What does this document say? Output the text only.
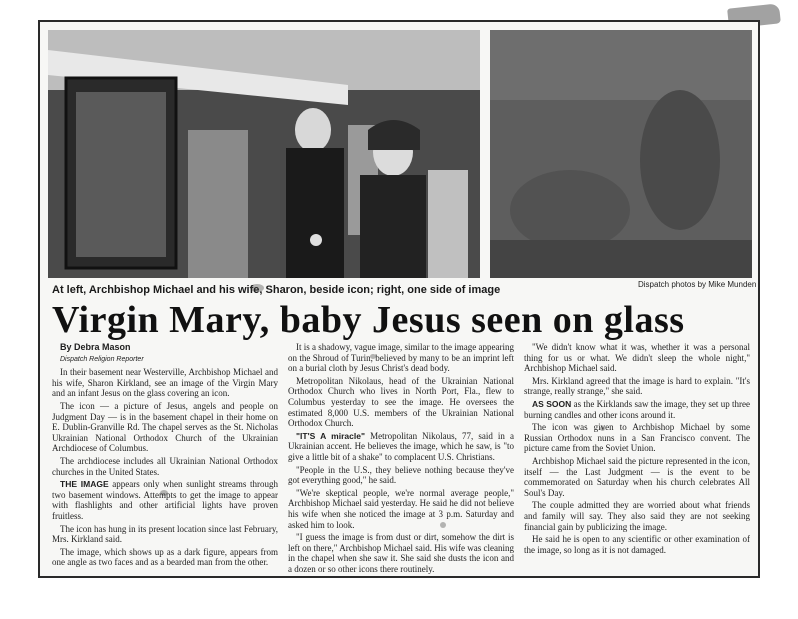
Dispatch photos by Mike Munden
At left, Archbishop Michael and his wife, Sharon, beside icon; right, one side of image
Virgin Mary, baby Jesus seen on glass

By Debra Mason

Dispatch Religion Reporter

In their basement near Westerville, Archbishop Michael and his wife, Sharon Kirkland, see an image of the Virgin Mary and an infant Jesus on the glass covering an icon.

The icon — a picture of Jesus, angels and people on Judgment Day — is in the basement chapel in their home on E. Dublin-Granville Rd. The chapel serves as the St. Nicholas Ukrainian National Orthodox Church of the Ukrainian Archdiocese of Columbus.

The archdiocese includes all Ukrainian National Orthodox churches in the United States.

THE IMAGE appears only when sunlight streams through two basement windows. Attempts to get the image to appear with flashlights and other artificial lights have proven fruitless.

The icon has hung in its present location since last February, Mrs. Kirkland said.

The image, which shows up as a dark figure, appears from one angle as two faces and as a bearded man from the other.

It is a shadowy, vague image, similar to the image appearing on the Shroud of Turin, believed by many to be an imprint left on a burial cloth by Jesus Christ's dead body.

Metropolitan Nikolaus, head of the Ukrainian National Orthodox Church who lives in North Port, Fla., flew to Columbus yesterday to see the image. He oversees the estimated 8,000 U.S. members of the Ukrainian National Orthodox Church.

"IT'S A miracle" Metropolitan Nikolaus, 77, said in a Ukrainian accent. He believes the image, which he saw, is "to give a little bit of a shake" to complacent U.S. Christians.

"People in the U.S., they believe nothing because they've got everything good," he said.

"We're skeptical people, we're normal average people," Archbishop Michael said yesterday. He said he did not believe his wife when she noticed the image at 3 p.m. Saturday and asked him to look.

"I guess the image is from dust or dirt, somehow the dirt is left on there," Archbishop Michael said. His wife was cleaning in the chapel when she saw it. She said she dusts the icon and a dozen or so other icons there routinely.

"We didn't know what it was, whether it was a personal thing for us or what. We didn't sleep the whole night," Archbishop Michael said.

Mrs. Kirkland agreed that the image is hard to explain. "It's strange, really strange," she said.

AS SOON as the Kirklands saw the image, they set up three burning candles and other icons around it.

The icon was given to Archbishop Michael by some Russian Orthodox nuns in a San Francisco convent. The picture came from the Soviet Union.

Archbishop Michael said the picture represented in the icon, itself — the Last Judgment — is the event to be commemorated on Saturday when his church celebrates All Soul's Day.

The couple admitted they are worried about what friends and family will say. They also said they are not seeking financial gain by publicizing the image.

He said he is open to any scientific or other examination of the image, so long as it is not damaged.
